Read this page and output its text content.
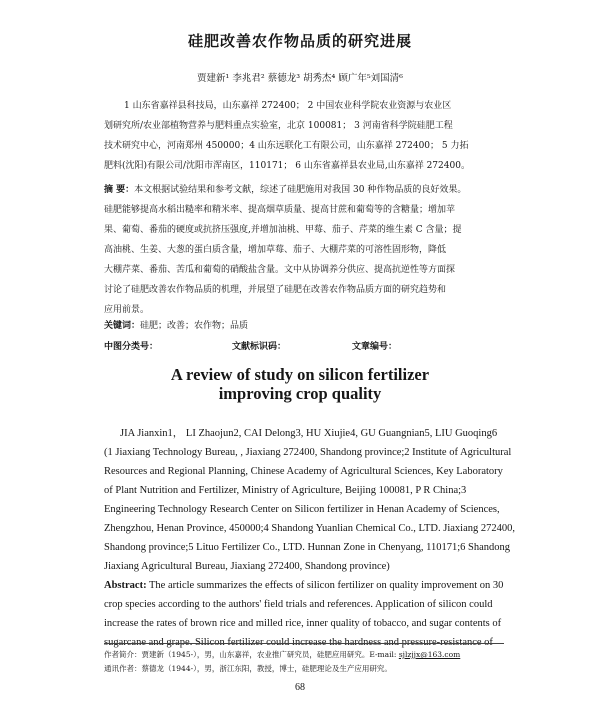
硅肥改善农作物品质的研究进展
贾建新¹ 李兆君² 蔡德龙³ 胡秀杰⁴ 顾广年⁵刘国清⁶
1 山东省嘉祥县科技局，山东嘉祥 272400； 2 中国农业科学院农业资源与农业区
划研究所/农业部植物营养与肥料重点实验室，北京 100081； 3 河南省科学院硅肥工程
技术研究中心，河南郑州 450000；4 山东远联化工有限公司，山东嘉祥 272400； 5 力拓
肥料(沈阳)有限公司/沈阳市浑南区，110171； 6 山东省嘉祥县农业局,山东嘉祥 272400。
摘 要：本文根据试验结果和参考文献，综述了硅肥施用对我国 30 种作物品质的良好效果。
硅肥能够提高水稻出糙率和精米率、提高烟草质量、提高甘蔗和葡萄等的含糖量；增加苹
果、葡萄、番茄的硬度或抗挤压强度,并增加油桃、甲莓、茄子、芹菜的维生素 C 含量；提
高油桃、生姜、大葱的蛋白质含量，增加草莓、茄子、大棚芹菜的可溶性固形物，降低
大棚芹菜、番茄、苦瓜和葡萄的硝酸盐含量。文中从协调养分供应、提高抗逆性等方面探
讨论了硅肥改善农作物品质的机理，并展望了硅肥在改善农作物品质方面的研究趋势和
应用前景。
关键词：硅肥；改善；农作物；品质
中图分类号：	文献标识码：	文章编号：
A review of study on silicon fertilizer
improving crop quality
JIA Jianxin1， LI Zhaojun2, CAI Delong3, HU Xiujie4, GU Guangnian5, LIU Guoqing6
(1 Jiaxiang Technology Bureau, , Jiaxiang 272400, Shandong province;2 Institute of Agricultural
Resources and Regional Planning, Chinese Academy of Agricultural Sciences, Key Laboratory
of Plant Nutrition and Fertilizer, Ministry of Agriculture, Beijing 100081, P R China;3
Engineering Technology Research Center on Silicon fertilizer in Henan Academy of Sciences,
Zhengzhou, Henan Province, 450000;4 Shandong Yuanlian Chemical Co., LTD. Jiaxiang 272400,
Shandong province;5 Lituo Fertilizer Co., LTD. Hunnan Zone in Chenyang, 110171;6 Shandong
Jiaxiang Agricultural Bureau, Jiaxiang 272400, Shandong province)
Abstract: The article summarizes the effects of silicon fertilizer on quality improvement on 30
crop species according to the authors' field trials and references. Application of silicon could
increase the rates of brown rice and milled rice, inner quality of tobacco, and sugar contents of
sugarcane and grape. Silicon fertilizer could increase the hardness and pressure-resistance of
作者简介：贾建新（1945-），男，山东嘉祥，农业推广研究员，硅肥应用研究。E-mail: sjlzjjx@163.com
通讯作者：蔡德龙（1944-），男，浙江东阳，教授，博士，硅肥理论及生产应用研究。
68
